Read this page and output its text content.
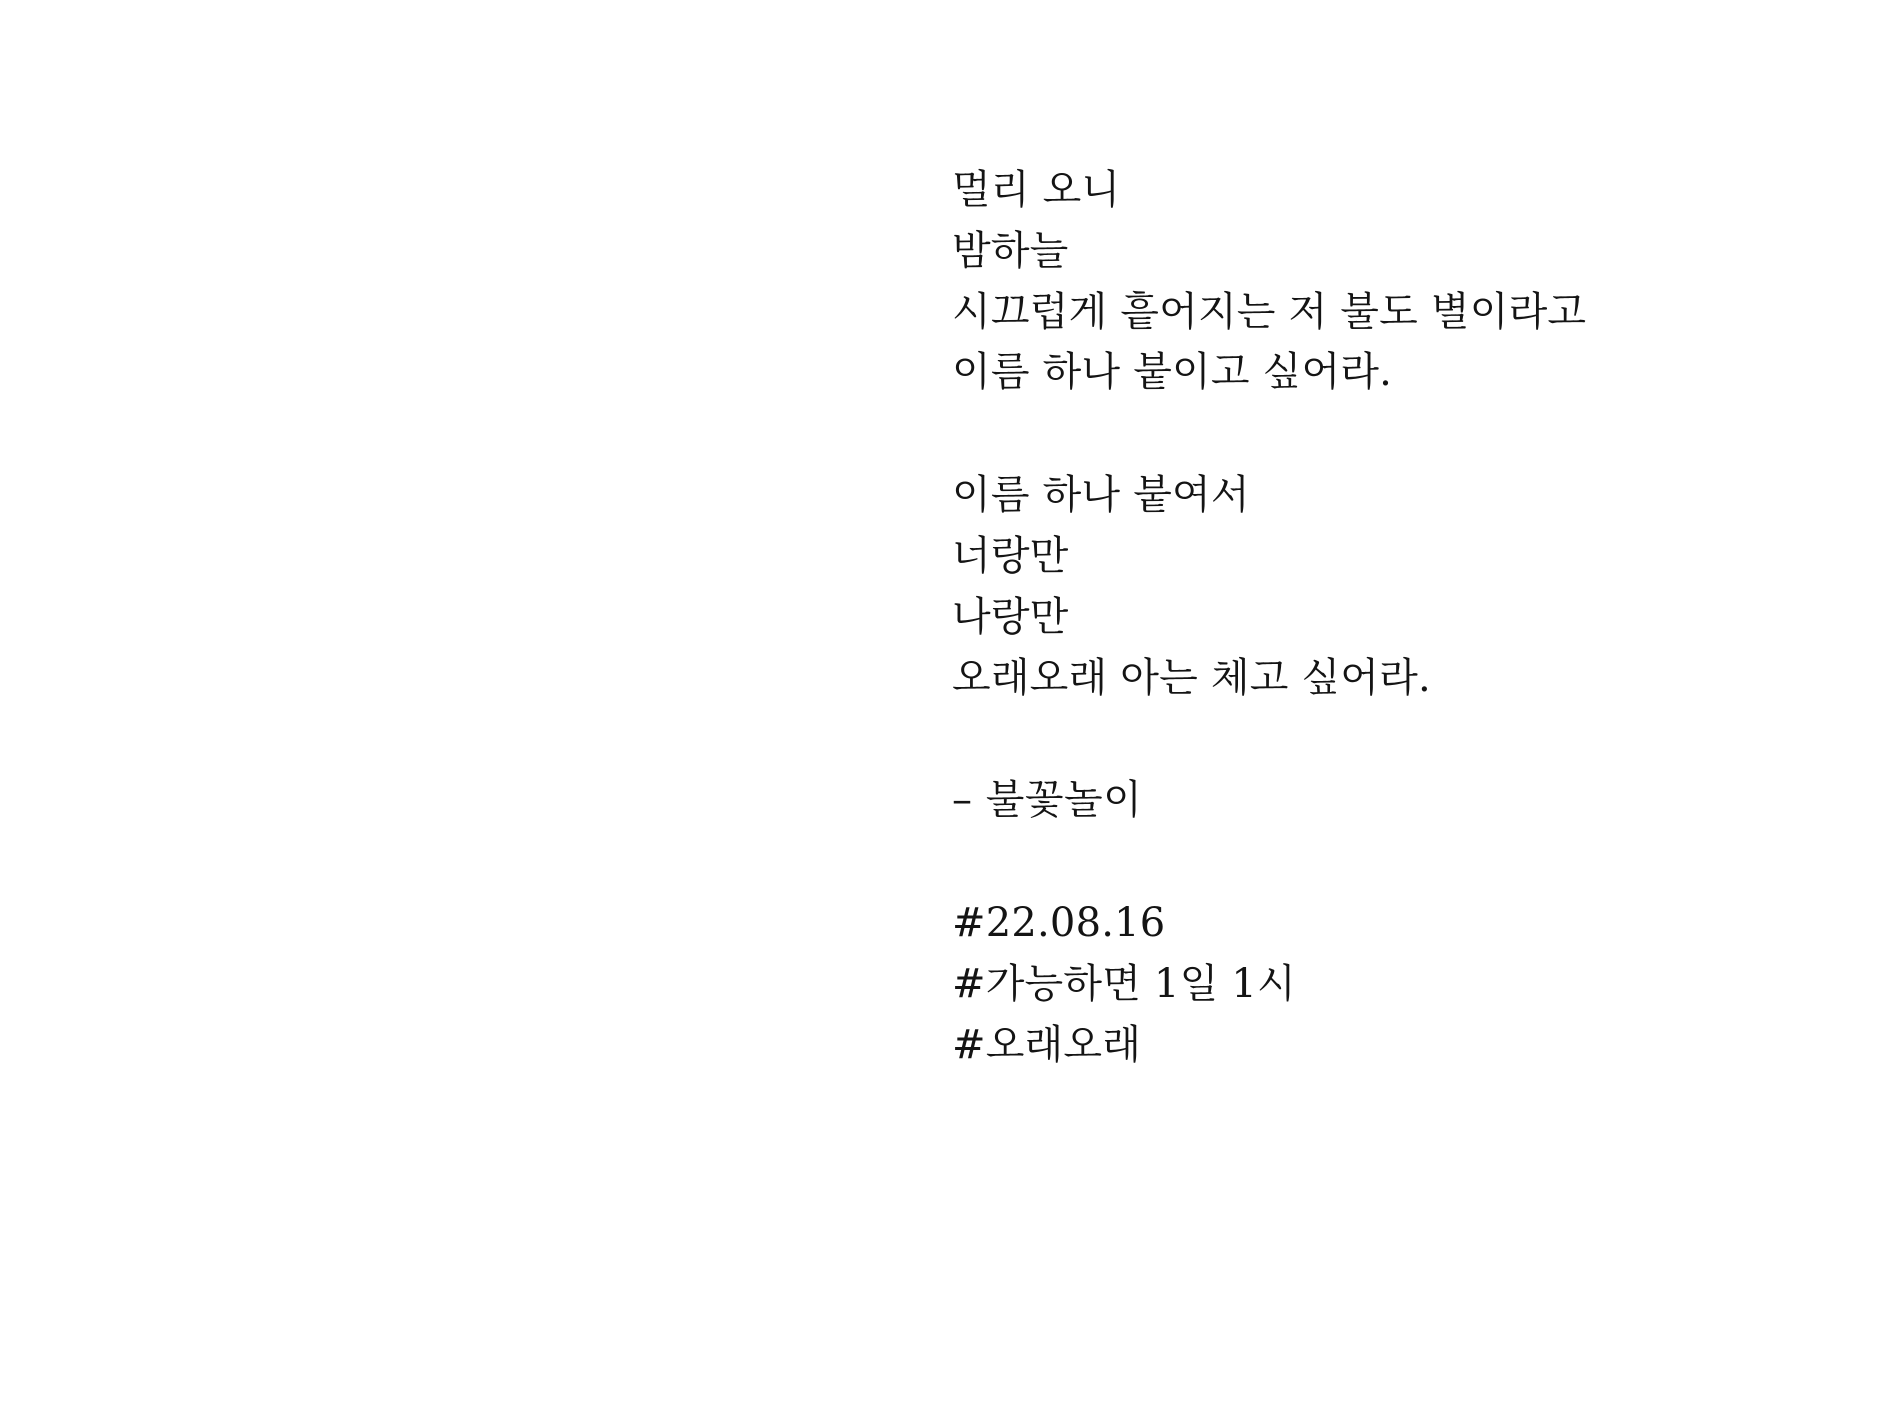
멀리 오니
밤하늘
시끄럽게 흩어지는 저 불도 별이라고
이름 하나 붙이고 싶어라.
이름 하나 붙여서
너랑만
나랑만
오래오래 아는 체고 싶어라.
– 불꽃놀이
#22.08.16
#가능하면 1일 1시
#오래오래
